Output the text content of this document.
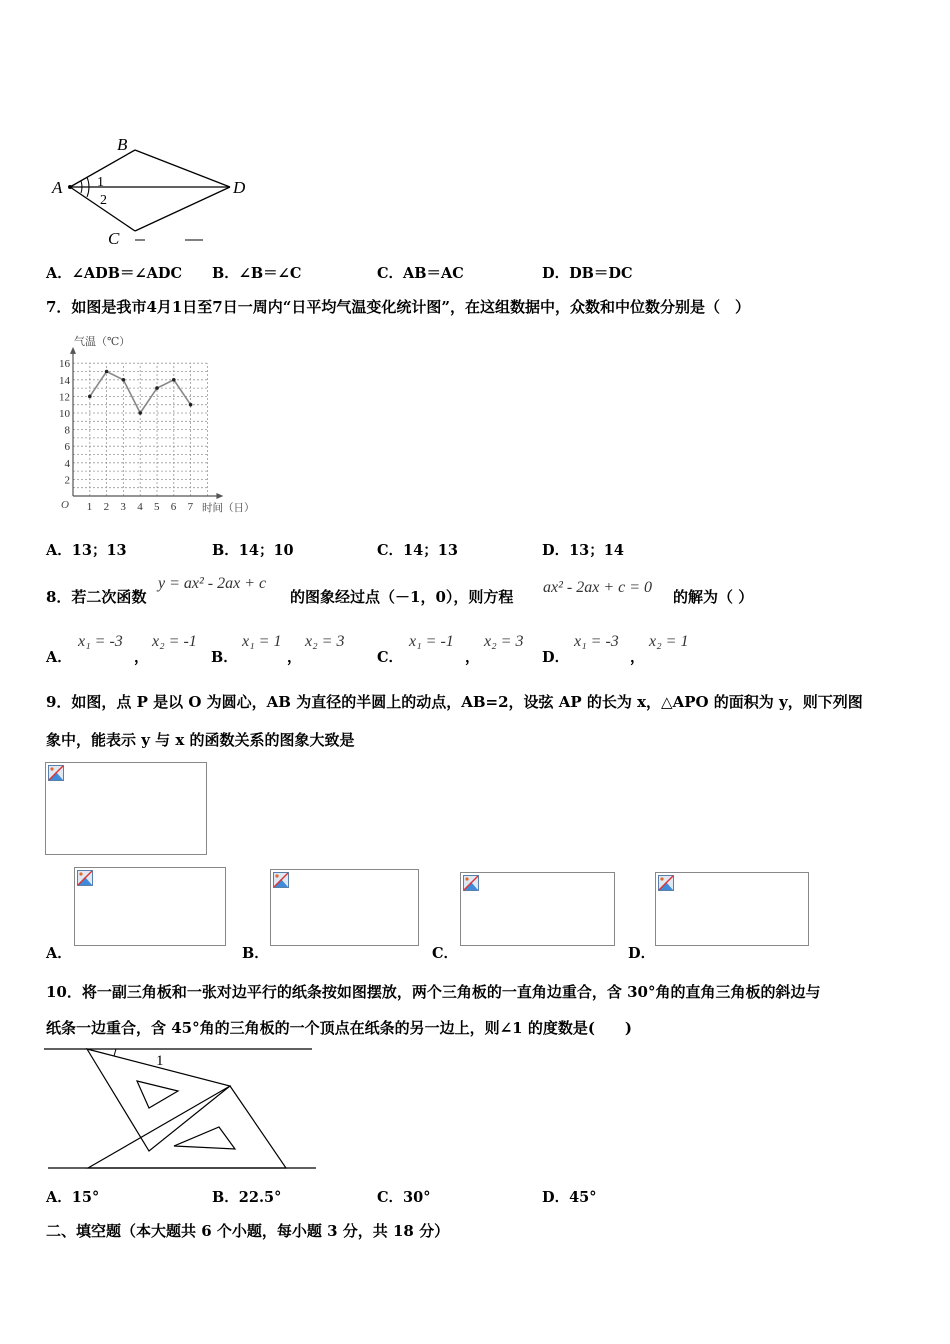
A
B
C
D
1
2
A．∠ADB＝∠ADC B．∠B＝∠C	C．AB＝AC	D．DB＝DC
7．如图是我市4月1日至7日一周内“日平均气温变化统计图”，在这组数据中，众数和中位数分别是（　）
气温（℃）
时间（日）
O 1 2 3 4 5 6 7
2
4
6
8
10
12
14
16
A．13；13	B．14；10	C．14；13	D．13；14
8．若二次函数
y = ax² - 2ax + c
的图象经过点（－1，0），则方程
ax² - 2ax + c = 0
的解为（ ）
A．
x₁ = -3
，
x₂ = -1
B．
x₁ = 1
，
x₂ = 3
C．
x₁ = -1
，
x₂ = 3
D．
x₁ = -3
，
x₂ = 1
9．如图，点 P 是以 O 为圆心，AB 为直径的半圆上的动点，AB=2，设弦 AP 的长为 x，△APO 的面积为 y，则下列图
象中，能表示 y 与 x 的函数关系的图象大致是
A．	B．	C．	D．
10．将一副三角板和一张对边平行的纸条按如图摆放，两个三角板的一直角边重合，含 30°角的直角三角板的斜边与
纸条一边重合，含 45°角的三角板的一个顶点在纸条的另一边上，则∠1 的度数是(　　)
1
A．15°	B．22.5°	C．30°	D．45°
二、填空题（本大题共 6 个小题，每小题 3 分，共 18 分）
